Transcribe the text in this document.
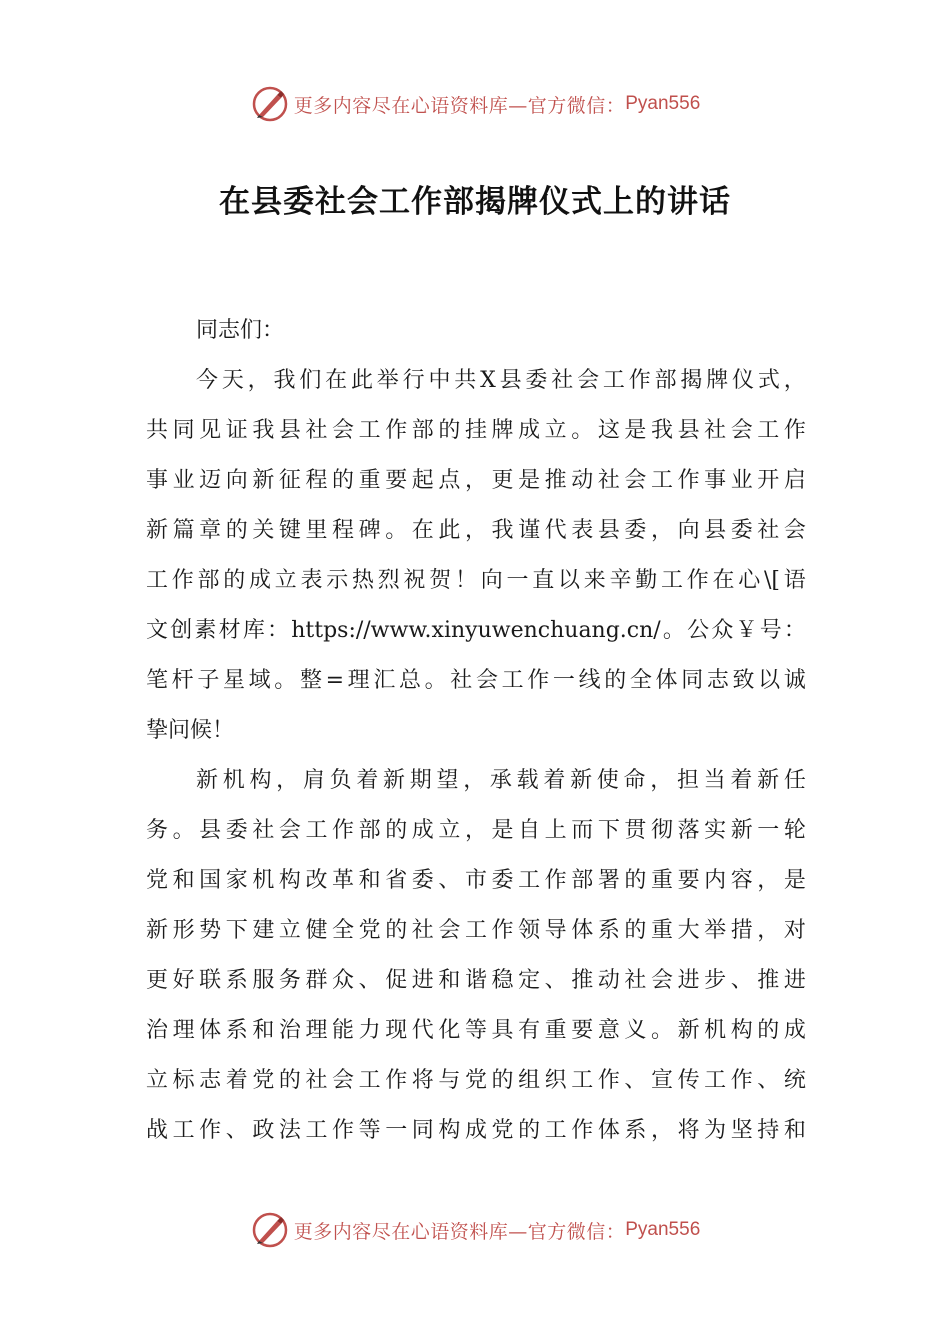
更多内容尽在心语资料库—官方微信： Pyan556
在县委社会工作部揭牌仪式上的讲话
同志们：
今 天 ， 我 们 在 此 举 行 中 共 X 县 委 社 会 工 作 部 揭 牌 仪 式 ，
共 同 见 证 我 县 社 会 工 作 部 的 挂 牌 成 立 。 这 是 我 县 社 会 工 作
事 业 迈 向 新 征 程 的 重 要 起 点 ， 更 是 推 动 社 会 工 作 事 业 开 启
新 篇 章 的 关 键 里 程 碑 。 在 此 ， 我 谨 代 表 县 委 ， 向 县 委 社 会
工 作 部 的 成 立 表 示 热 烈 祝 贺 ！ 向 一 直 以 来 辛 勤 工 作 在 心 \[ 语
文 创 素 材 库 ： https://www.xinyuwenchuang.cn/ 。 公 众 ￥ 号 ：
笔 杆 子 星 域 。 整 = 理 汇 总 。 社 会 工 作 一 线 的 全 体 同 志 致 以 诚
挚问候！
新 机 构 ， 肩 负 着 新 期 望 ， 承 载 着 新 使 命 ， 担 当 着 新 任
务 。 县 委 社 会 工 作 部 的 成 立 ， 是 自 上 而 下 贯 彻 落 实 新 一 轮
党 和 国 家 机 构 改 革 和 省 委 、 市 委 工 作 部 署 的 重 要 内 容 ， 是
新 形 势 下 建 立 健 全 党 的 社 会 工 作 领 导 体 系 的 重 大 举 措 ， 对
更 好 联 系 服 务 群 众 、 促 进 和 谐 稳 定 、 推 动 社 会 进 步 、 推 进
治 理 体 系 和 治 理 能 力 现 代 化 等 具 有 重 要 意 义 。 新 机 构 的 成
立 标 志 着 党 的 社 会 工 作 将 与 党 的 组 织 工 作 、 宣 传 工 作 、 统
战 工 作 、 政 法 工 作 等 一 同 构 成 党 的 工 作 体 系 ， 将 为 坚 持 和
更多内容尽在心语资料库—官方微信： Pyan556
